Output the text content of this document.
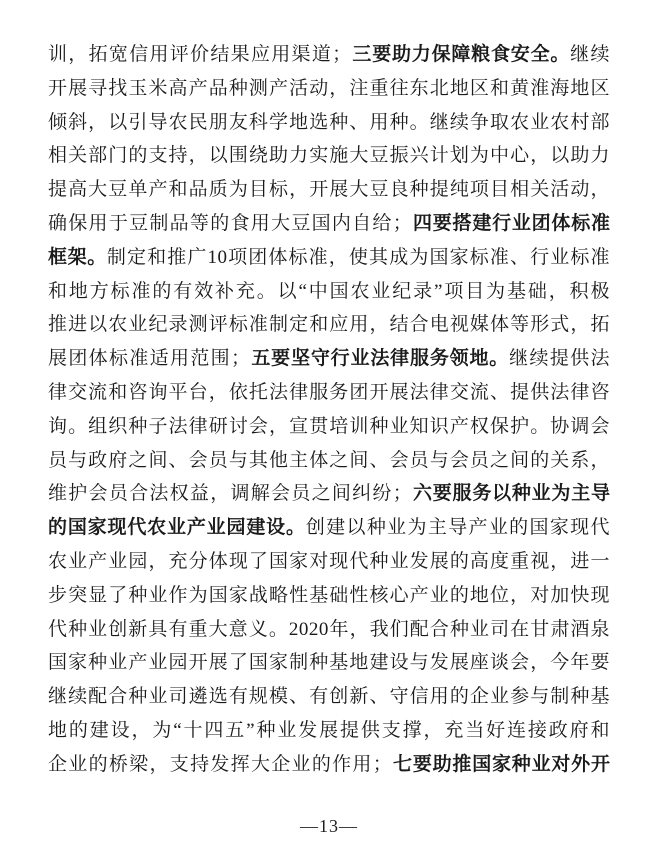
训，拓宽信用评价结果应用渠道；三要助力保障粮食安全。继续
开展寻找玉米高产品种测产活动，注重往东北地区和黄淮海地区
倾斜，以引导农民朋友科学地选种、用种。继续争取农业农村部
相关部门的支持，以围绕助力实施大豆振兴计划为中心，以助力
提高大豆单产和品质为目标，开展大豆良种提纯项目相关活动，
确保用于豆制品等的食用大豆国内自给；四要搭建行业团体标准
框架。制定和推广10项团体标准，使其成为国家标准、行业标准
和地方标准的有效补充。以“中国农业纪录”项目为基础，积极
推进以农业纪录测评标准制定和应用，结合电视媒体等形式，拓
展团体标准适用范围；五要坚守行业法律服务领地。继续提供法
律交流和咨询平台，依托法律服务团开展法律交流、提供法律咨
询。组织种子法律研讨会，宣贯培训种业知识产权保护。协调会
员与政府之间、会员与其他主体之间、会员与会员之间的关系，
维护会员合法权益，调解会员之间纠纷；六要服务以种业为主导
的国家现代农业产业园建设。创建以种业为主导产业的国家现代
农业产业园，充分体现了国家对现代种业发展的高度重视，进一
步突显了种业作为国家战略性基础性核心产业的地位，对加快现
代种业创新具有重大意义。2020年，我们配合种业司在甘肃酒泉
国家种业产业园开展了国家制种基地建设与发展座谈会，今年要
继续配合种业司遴选有规模、有创新、守信用的企业参与制种基
地的建设，为“十四五”种业发展提供支撑，充当好连接政府和
企业的桥梁，支持发挥大企业的作用；七要助推国家种业对外开
—13—
